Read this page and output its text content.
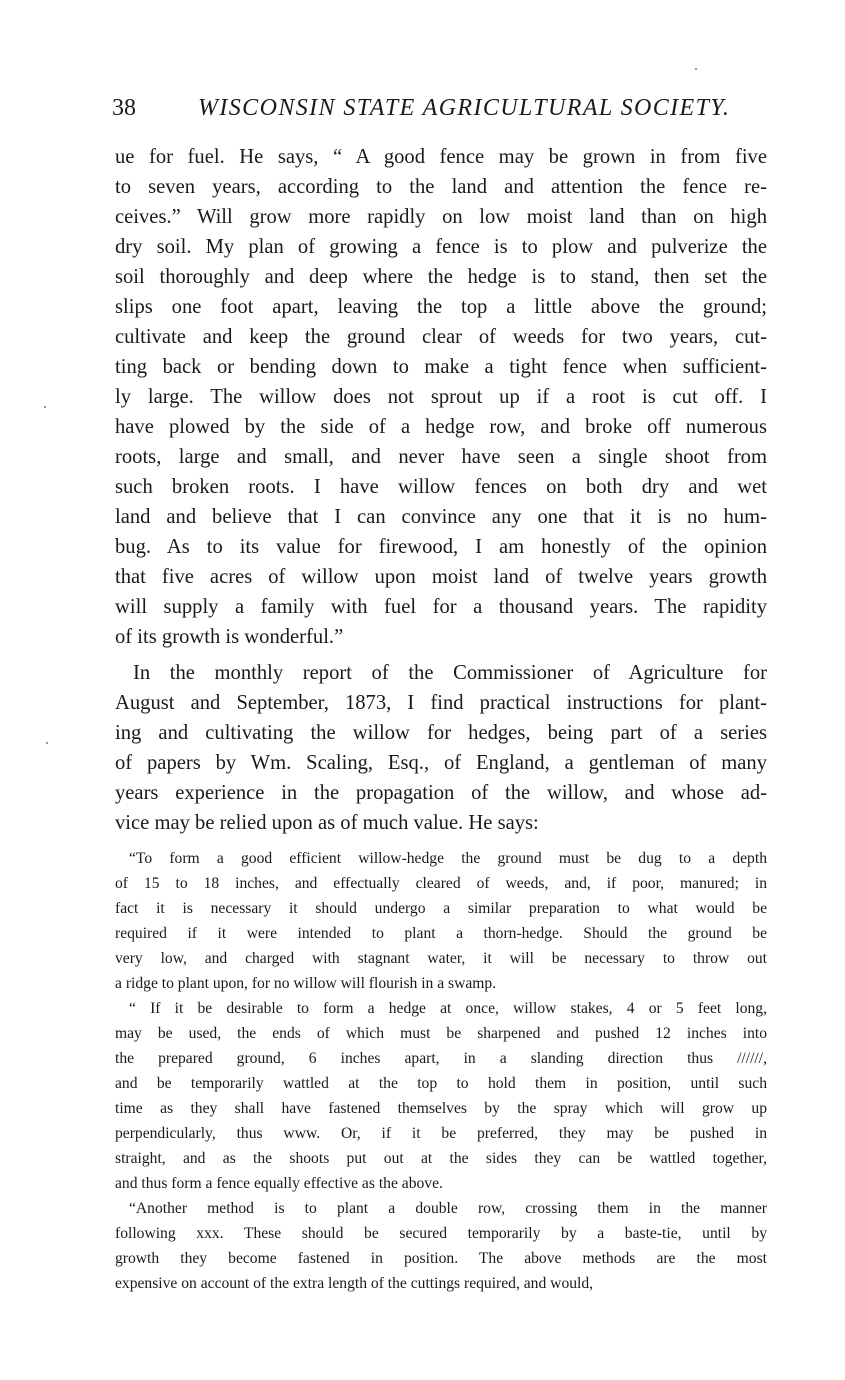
38	WISCONSIN STATE AGRICULTURAL SOCIETY.
ue for fuel. He says, “ A good fence may be grown in from five
to seven years, according to the land and attention the fence re-
ceives.” Will grow more rapidly on low moist land than on high
dry soil. My plan of growing a fence is to plow and pulverize the
soil thoroughly and deep where the hedge is to stand, then set the
slips one foot apart, leaving the top a little above the ground;
cultivate and keep the ground clear of weeds for two years, cut-
ting back or bending down to make a tight fence when sufficient-
ly large. The willow does not sprout up if a root is cut off. I
have plowed by the side of a hedge row, and broke off numerous
roots, large and small, and never have seen a single shoot from
such broken roots. I have willow fences on both dry and wet
land and believe that I can convince any one that it is no hum-
bug. As to its value for firewood, I am honestly of the opinion
that five acres of willow upon moist land of twelve years growth
will supply a family with fuel for a thousand years. The rapidity
of its growth is wonderful.”
In the monthly report of the Commissioner of Agriculture for
August and September, 1873, I find practical instructions for plant-
ing and cultivating the willow for hedges, being part of a series
of papers by Wm. Scaling, Esq., of England, a gentleman of many
years experience in the propagation of the willow, and whose ad-
vice may be relied upon as of much value. He says:
“To form a good efficient willow-hedge the ground must be dug to a depth
of 15 to 18 inches, and effectually cleared of weeds, and, if poor, manured; in
fact it is necessary it should undergo a similar preparation to what would be
required if it were intended to plant a thorn-hedge. Should the ground be
very low, and charged with stagnant water, it will be necessary to throw out
a ridge to plant upon, for no willow will flourish in a swamp.
“ If it be desirable to form a hedge at once, willow stakes, 4 or 5 feet long,
may be used, the ends of which must be sharpened and pushed 12 inches into
the prepared ground, 6 inches apart, in a slanding direction thus //////,
and be temporarily wattled at the top to hold them in position, until such
time as they shall have fastened themselves by the spray which will grow up
perpendicularly, thus www. Or, if it be preferred, they may be pushed in
straight, and as the shoots put out at the sides they can be wattled together,
and thus form a fence equally effective as the above.
“Another method is to plant a double row, crossing them in the manner
following xxx. These should be secured temporarily by a baste-tie, until by
growth they become fastened in position. The above methods are the most
expensive on account of the extra length of the cuttings required, and would,
